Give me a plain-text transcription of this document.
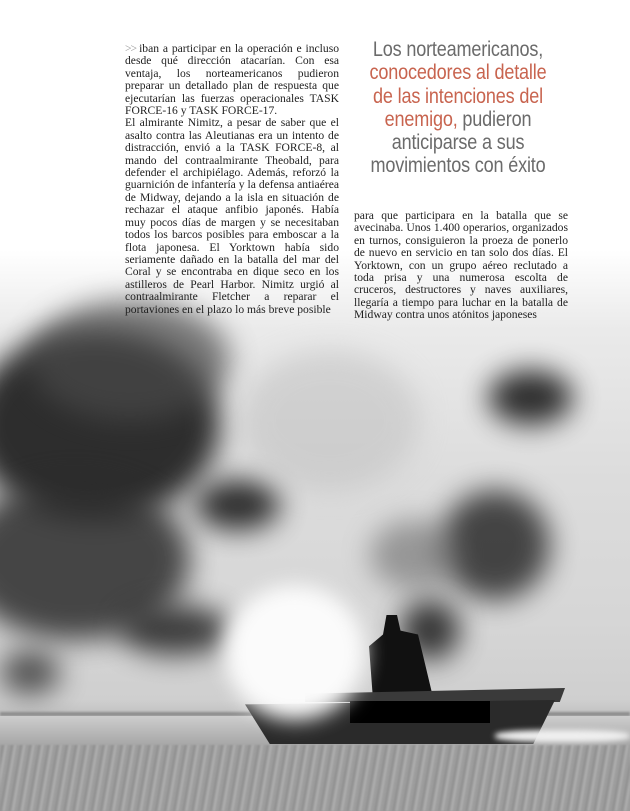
>> iban a participar en la operación e incluso desde qué dirección atacarían. Con esa ventaja, los norteamericanos pudieron preparar un detallado plan de respuesta que ejecutarían las fuerzas operacionales TASK FORCE-16 y TASK FORCE-17.

El almirante Nimitz, a pesar de saber que el asalto contra las Aleutianas era un intento de distracción, envió a la TASK FORCE-8, al mando del contraalmirante Theobald, para defender el archipiélago. Además, reforzó la guarnición de infantería y la defensa antiaérea de Midway, dejando a la isla en situación de rechazar el ataque anfibio japonés. Había muy pocos días de margen y se necesitaban todos los barcos posibles para emboscar a la flota japonesa. El Yorktown había sido seriamente dañado en la batalla del mar del Coral y se encontraba en dique seco en los astilleros de Pearl Harbor. Nimitz urgió al contraalmirante Fletcher a reparar el portaviones en el plazo lo más breve posible

Los norteamericanos, conocedores al detalle de las intenciones del enemigo, pudieron anticiparse a sus movimientos con éxito

para que participara en la batalla que se avecinaba. Unos 1.400 operarios, organizados en turnos, consiguieron la proeza de ponerlo de nuevo en servicio en tan solo dos días. El Yorktown, con un grupo aéreo reclutado a toda prisa y una numerosa escolta de cruceros, destructores y naves auxiliares, llegaría a tiempo para luchar en la batalla de Midway contra unos atónitos japoneses
